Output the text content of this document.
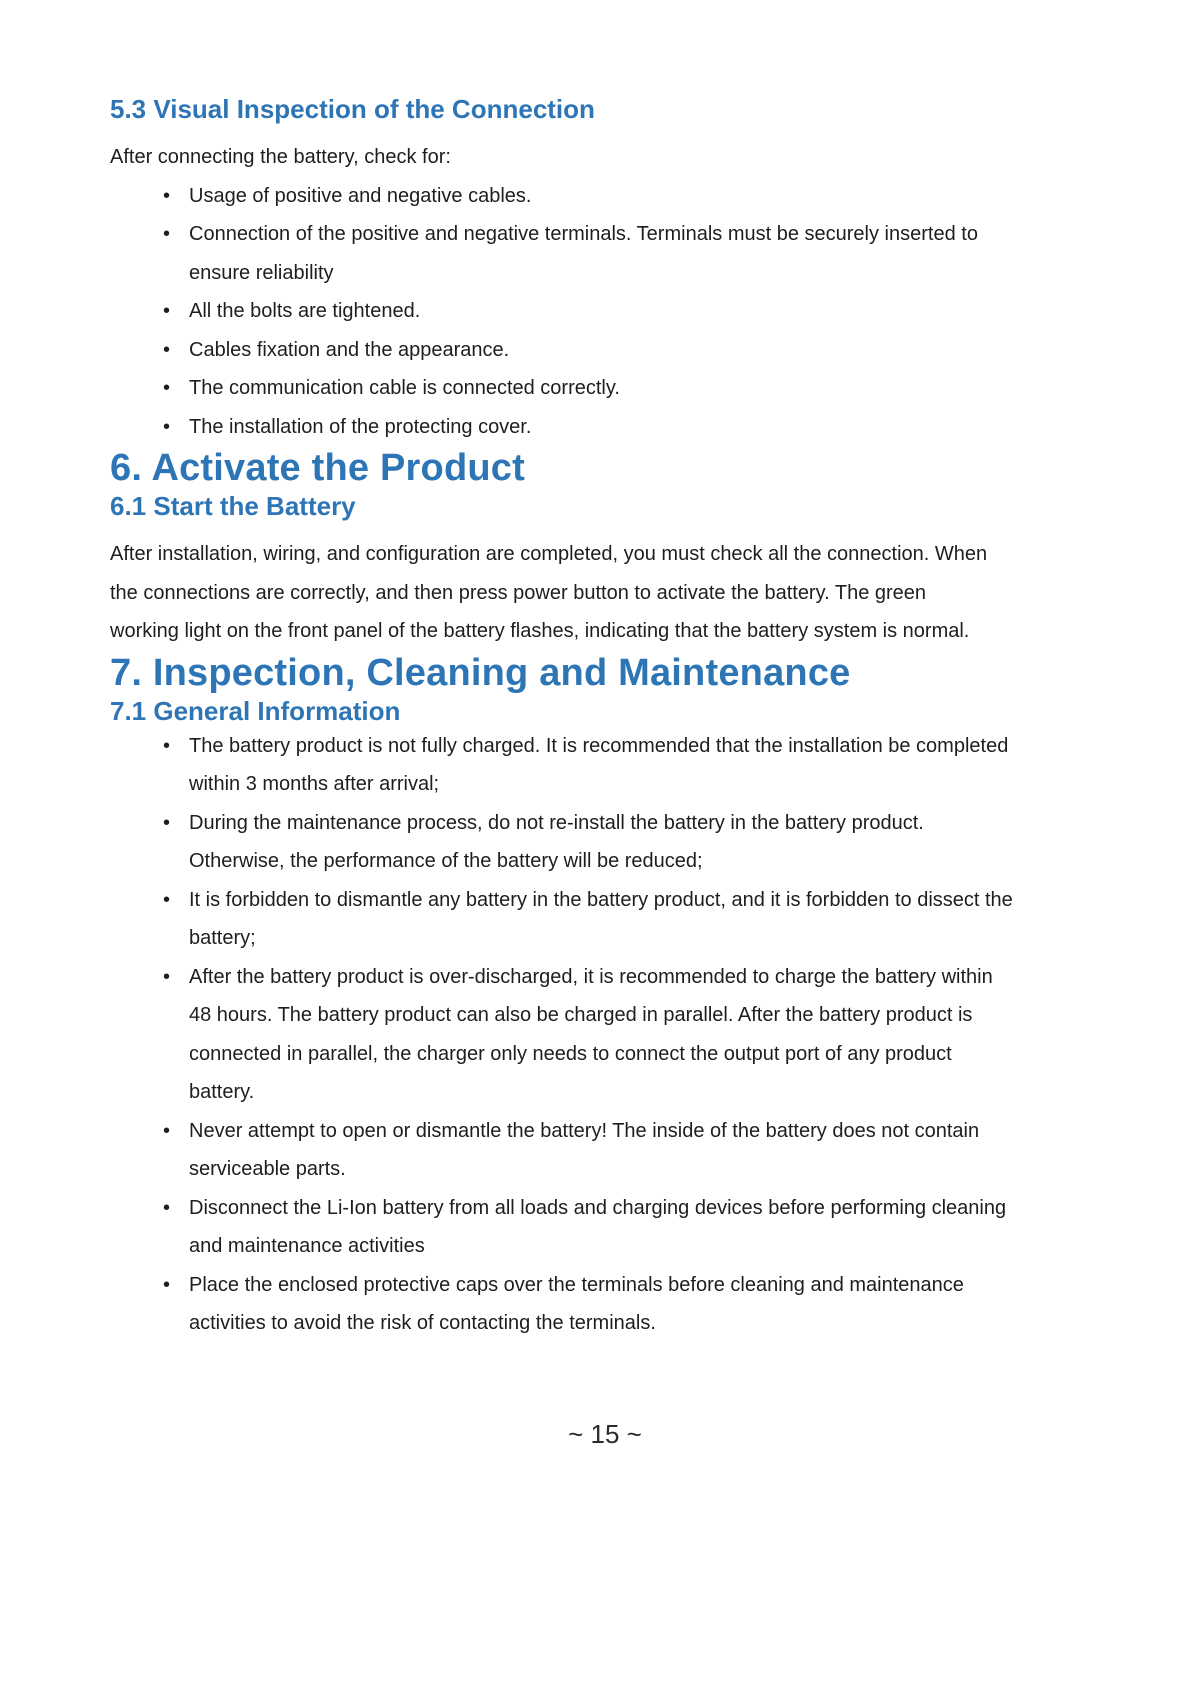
5.3 Visual Inspection of the Connection

After connecting the battery, check for:

• Usage of positive and negative cables.
• Connection of the positive and negative terminals. Terminals must be securely inserted to
ensure reliability
• All the bolts are tightened.
• Cables fixation and the appearance.
• The communication cable is connected correctly.
• The installation of the protecting cover.
6. Activate the Product
6.1 Start the Battery

After installation, wiring, and configuration are completed, you must check all the connection. When
the connections are correctly, and then press power button to activate the battery. The green
working light on the front panel of the battery flashes, indicating that the battery system is normal.

7. Inspection, Cleaning and Maintenance
7.1 General Information
• The battery product is not fully charged. It is recommended that the installation be completed
within 3 months after arrival;
• During the maintenance process, do not re-install the battery in the battery product.
Otherwise, the performance of the battery will be reduced;
• It is forbidden to dismantle any battery in the battery product, and it is forbidden to dissect the
battery;
• After the battery product is over-discharged, it is recommended to charge the battery within
48 hours. The battery product can also be charged in parallel. After the battery product is
connected in parallel, the charger only needs to connect the output port of any product
battery.
• Never attempt to open or dismantle the battery! The inside of the battery does not contain
serviceable parts.
• Disconnect the Li-Ion battery from all loads and charging devices before performing cleaning
and maintenance activities
• Place the enclosed protective caps over the terminals before cleaning and maintenance
activities to avoid the risk of contacting the terminals.
~ 15 ~
